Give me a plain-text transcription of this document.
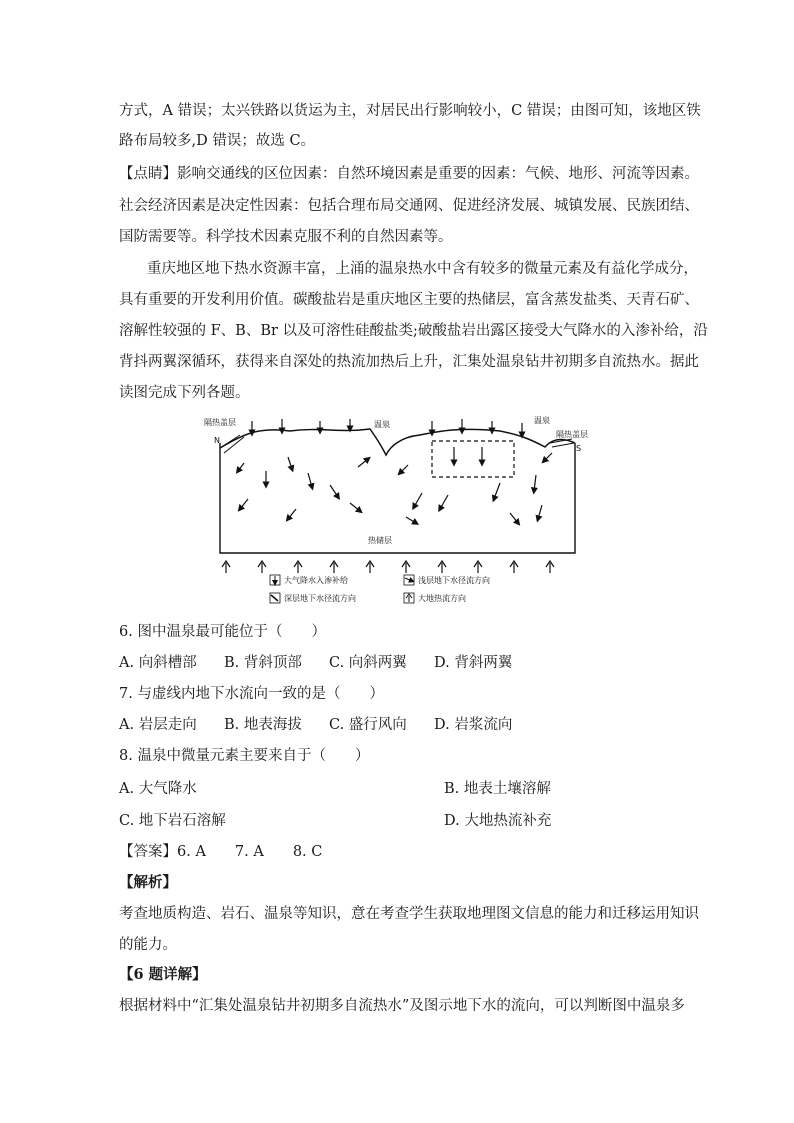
方式，A 错误；太兴铁路以货运为主，对居民出行影响较小，C 错误；由图可知，该地区铁
路布局较多,D 错误；故选 C。
【点睛】影响交通线的区位因素：自然环境因素是重要的因素：气候、地形、河流等因素。
社会经济因素是决定性因素：包括合理布局交通网、促进经济发展、城镇发展、民族团结、
国防需要等。科学技术因素克服不利的自然因素等。
重庆地区地下热水资源丰富，上涌的温泉热水中含有较多的微量元素及有益化学成分，
具有重要的开发利用价值。碳酸盐岩是重庆地区主要的热储层，富含蒸发盐类、天青石矿、
溶解性较强的 F、B、Br 以及可溶性硅酸盐类;破酸盐岩出露区接受大气降水的入渗补给，沿
背抖两翼深循环，获得来自深处的热流加热后上升，汇集处温泉钻井初期多自流热水。据此
读图完成下列各题。
隔热盖层
N
温泉	温泉
隔热盖层
S
热储层
大气降水入渗补给	浅层地下水径流方向
深层地下水径流方向	大地热流方向
6. 图中温泉最可能位于（　　）
A. 向斜槽部 B. 背斜顶部 C. 向斜两翼 D. 背斜两翼
7. 与虚线内地下水流向一致的是（　　）
A. 岩层走向 B. 地表海拔 C. 盛行风向 D. 岩浆流向
8. 温泉中微量元素主要来自于（　　）
A. 大气降水	B. 地表土壤溶解
C. 地下岩石溶解	D. 大地热流补充
【答案】6. A　　7. A　　8. C
【解析】
考查地质构造、岩石、温泉等知识，意在考查学生获取地理图文信息的能力和迁移运用知识
的能力。
【6 题详解】
根据材料中“汇集处温泉钻井初期多自流热水”及图示地下水的流向，可以判断图中温泉多
